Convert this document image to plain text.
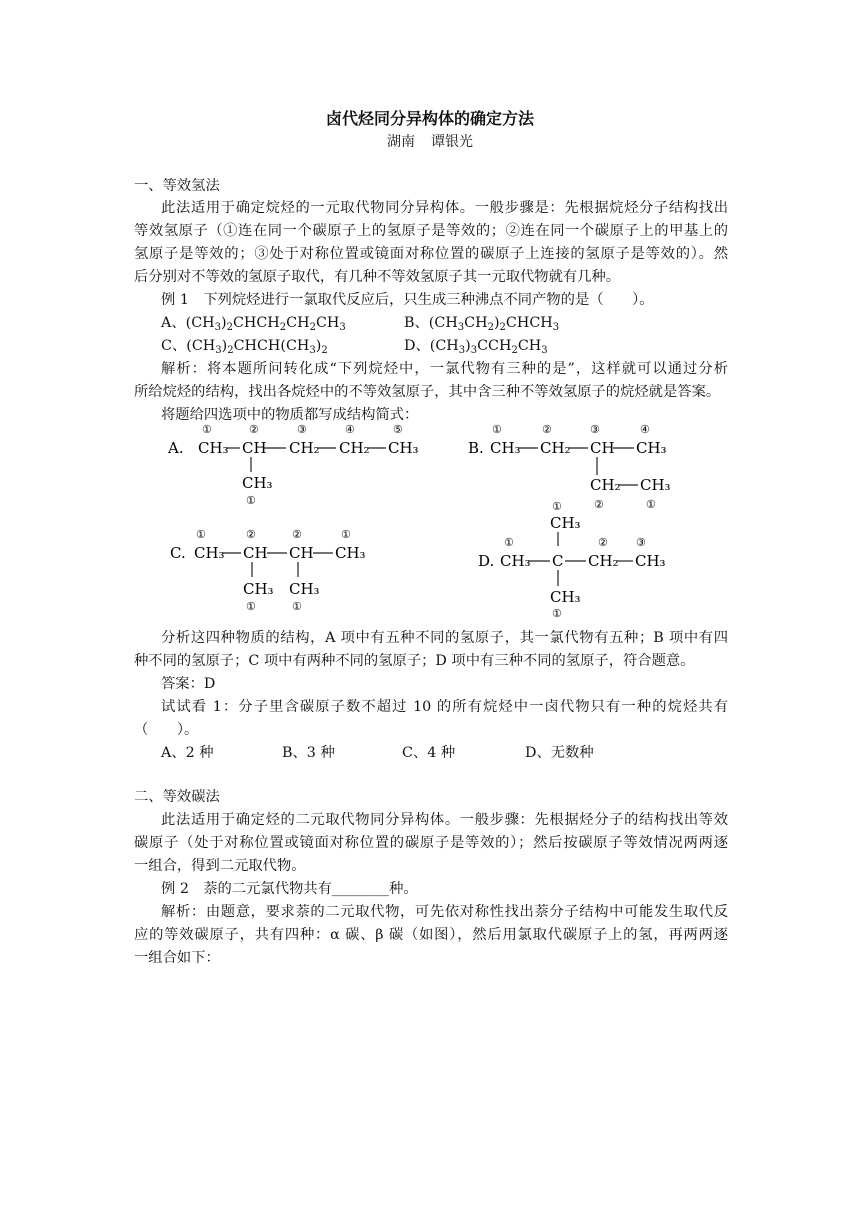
卤代烃同分异构体的确定方法
湖南 谭银光
一、等效氢法
此法适用于确定烷烃的一元取代物同分异构体。一般步骤是：先根据烷烃分子结构找出
等效氢原子（①连在同一个碳原子上的氢原子是等效的；②连在同一个碳原子上的甲基上的
氢原子是等效的；③处于对称位置或镜面对称位置的碳原子上连接的氢原子是等效的）。然
后分别对不等效的氢原子取代，有几种不等效氢原子其一元取代物就有几种。
例 1　下列烷烃进行一氯取代反应后，只生成三种沸点不同产物的是（　　）。
A、$(CH_3)_2CHCH_2CH_2CH_3$	B、$(CH_3CH_2)_2CHCH_3$
C、$(CH_3)_2CHCH(CH_3)_2$	D、$(CH_3)_3CCH_2CH_3$
解析：将本题所问转化成“下列烷烃中，一氯代物有三种的是”，这样就可以通过分析
所给烷烃的结构，找出各烷烃中的不等效氢原子，其中含三种不等效氢原子的烷烃就是答案。
将题给四选项中的物质都写成结构简式：
①	②	③	④	⑤
A. CH₃ CH CH₂ CH₂ CH₃
CH₃
①
①	②	③	④
B. CH₃ CH₂ CH CH₃
CH₂ CH₃
②	①
①	②	②	①
C. CH₃ CH CH CH₃
CH₃ CH₃
①	①
①
CH₃
①	②	③
D. CH₃ C CH₂ CH₃
CH₃
①
分析这四种物质的结构，A 项中有五种不同的氢原子，其一氯代物有五种；B 项中有四
种不同的氢原子；C 项中有两种不同的氢原子；D 项中有三种不同的氢原子，符合题意。
答案：D
试试看 1：分子里含碳原子数不超过 10 的所有烷烃中一卤代物只有一种的烷烃共有
（　　）。
A、2 种	B、3 种	C、4 种	D、无数种
二、等效碳法
此法适用于确定烃的二元取代物同分异构体。一般步骤：先根据烃分子的结构找出等效
碳原子（处于对称位置或镜面对称位置的碳原子是等效的）；然后按碳原子等效情况两两逐
一组合，得到二元取代物。
例 2　萘的二元氯代物共有________种。
解析：由题意，要求萘的二元取代物，可先依对称性找出萘分子结构中可能发生取代反
应的等效碳原子，共有四种：α 碳、β 碳（如图），然后用氯取代碳原子上的氢，再两两逐
一组合如下：
